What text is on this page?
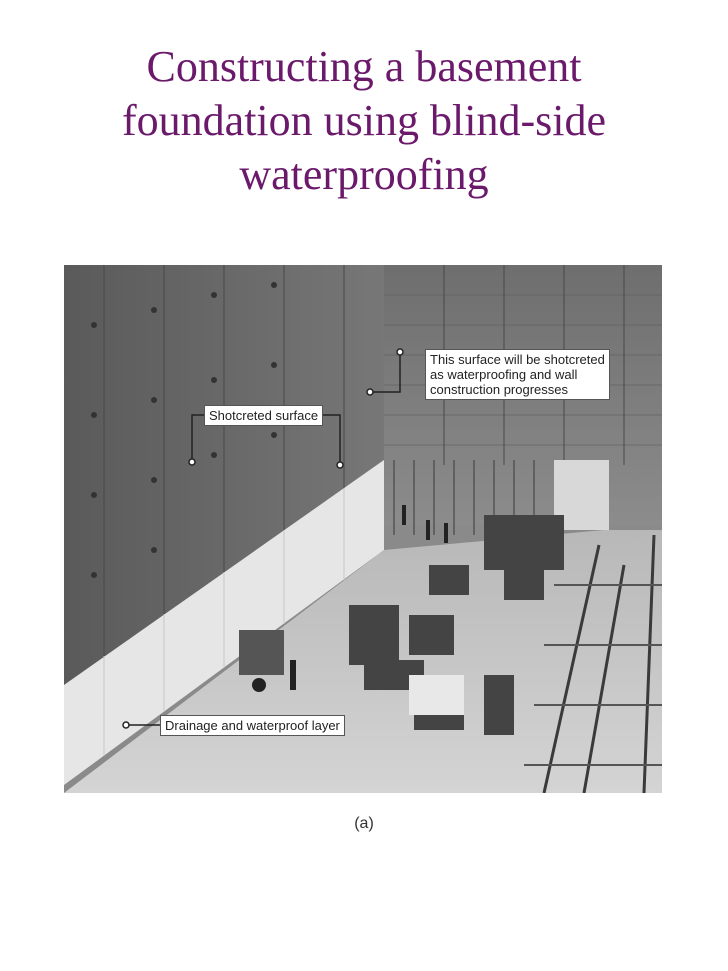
Constructing a basement foundation using blind-side waterproofing
Shotcreted surface
This surface will be shotcreted
as waterproofing and wall
construction progresses
Drainage and waterproof layer
(a)
